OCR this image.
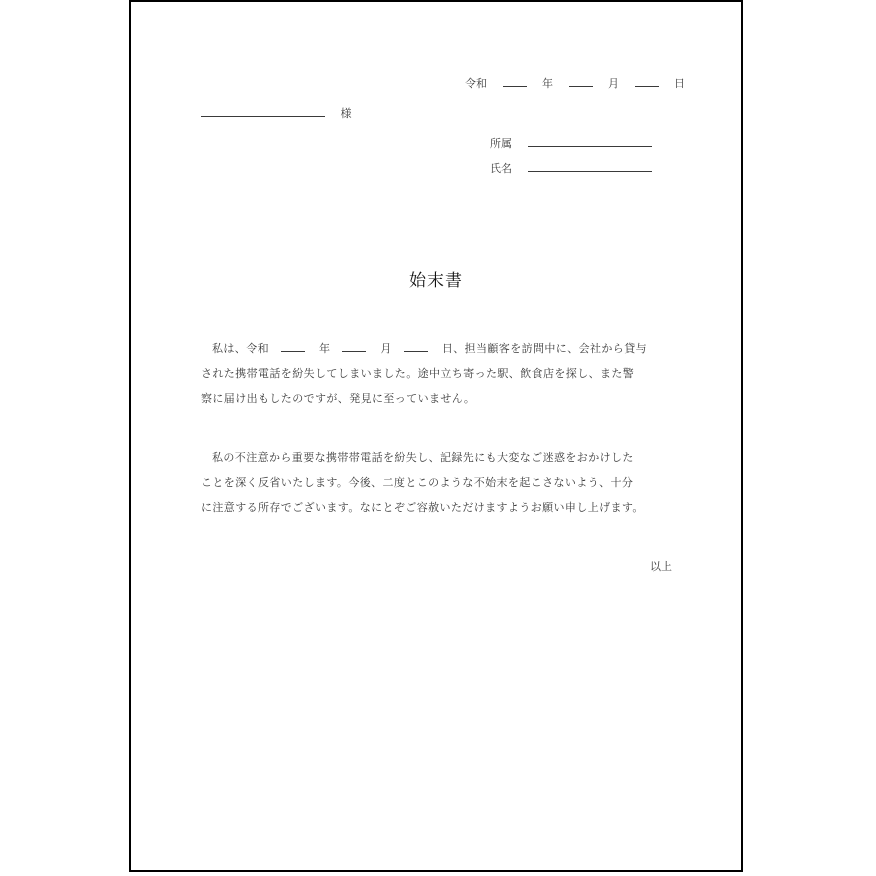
令和	年	月	日
様
所属
氏名
始末書

私は、令和	年	月	日、担当顧客を訪問中に、会社から貸与

された携帯電話を紛失してしまいました。途中立ち寄った駅、飲食店を探し、また警

察に届け出もしたのですが、発見に至っていません。

私の不注意から重要な携帯帯電話を紛失し、記録先にも大変なご迷惑をおかけした

ことを深く反省いたします。今後、二度とこのような不始末を起こさないよう、十分

に注意する所存でございます。なにとぞご容赦いただけますようお願い申し上げます。

以上
